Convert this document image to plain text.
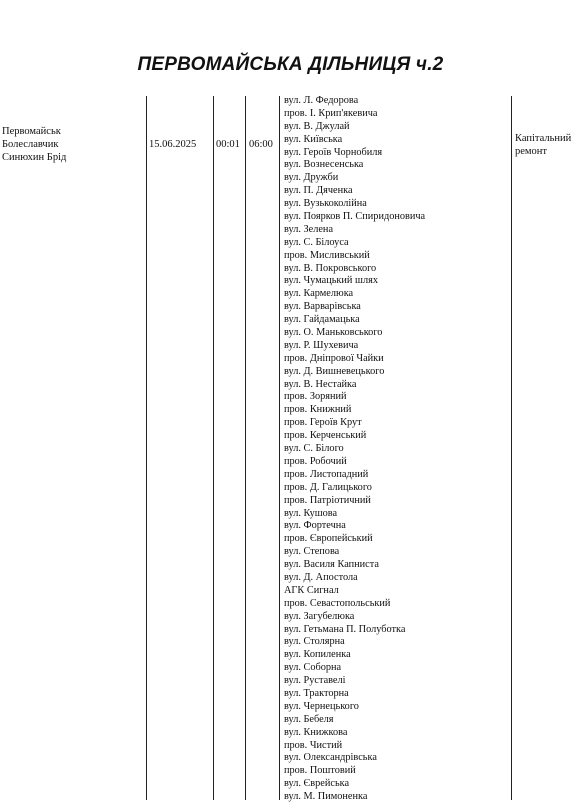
ПЕРВОМАЙСЬКА ДІЛЬНИЦЯ ч.2
Первомайськ
Болеславчик
Синюхин Брід
15.06.2025 00:01 06:00
Капітальний
ремонт
вул. Л. Федорова
пров. І. Крип'якевича
вул. В. Джулай
вул. Київська
вул. Героїв Чорнобиля
вул. Вознесенська
вул. Дружби
вул. П. Дяченка
вул. Вузькоколійна
вул. Поярков П. Спиридоновича
вул. Зелена
вул. С. Білоуса
пров. Мисливський
вул. В. Покровського
вул. Чумацький шлях
вул. Кармелюка
вул. Варварівська
вул. Гайдамацька
вул. О. Маньковського
вул. Р. Шухевича
пров. Дніпрової Чайки
вул. Д. Вишневецького
вул. В. Нестайка
пров. Зоряний
пров. Книжний
пров. Героїв Крут
пров. Керченський
вул. С. Білого
пров. Робочий
пров. Листопадний
пров. Д. Галицького
пров. Патріотичний
вул. Кушова
вул. Фортечна
пров. Європейський
вул. Степова
вул. Василя Капниста
вул. Д. Апостола
АГК Сигнал
пров. Севастопольський
вул. Загубелюка
вул. Гетьмана П. Полуботка
вул. Столярна
вул. Копиленка
вул. Соборна
вул. Руставелі
вул. Тракторна
вул. Чернецького
вул. Бебеля
вул. Книжкова
пров. Чистий
вул. Олександрівська
пров. Поштовий
вул. Єврейська
вул. М. Пимоненка
